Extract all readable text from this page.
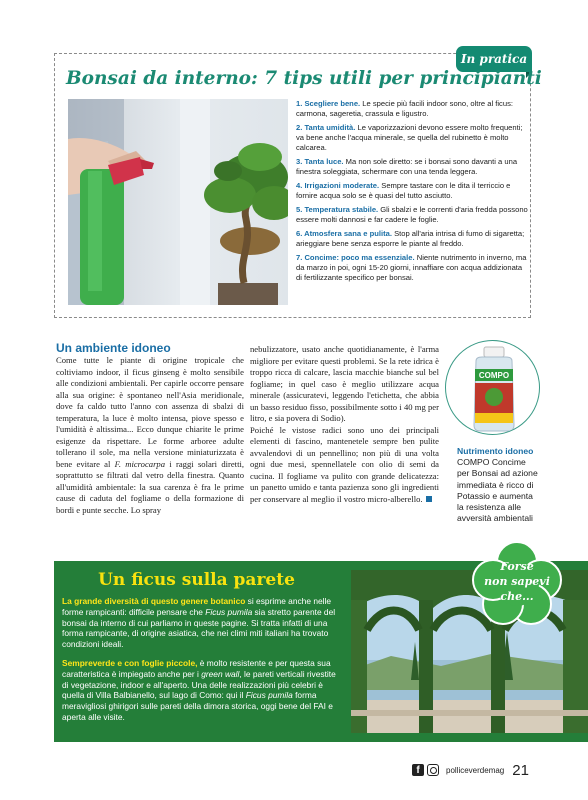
In pratica
Bonsai da interno: 7 tips utili per principianti

1. Scegliere bene. Le specie più facili indoor sono, oltre al ficus: carmona, sageretia, crassula e ligustro.

2. Tanta umidità. Le vaporizzazioni devono essere molto frequenti; va bene anche l'acqua minerale, se quella del rubinetto è molto calcarea.

3. Tanta luce. Ma non sole diretto: se i bonsai sono davanti a una finestra soleggiata, schermare con una tenda leggera.

4. Irrigazioni moderate. Sempre tastare con le dita il terriccio e fornire acqua solo se è quasi del tutto asciutto.

5. Temperatura stabile. Gli sbalzi e le correnti d'aria fredda possono essere molti dannosi e far cadere le foglie.

6. Atmosfera sana e pulita. Stop all'aria intrisa di fumo di sigaretta; arieggiare bene senza esporre le piante al freddo.

7. Concime: poco ma essenziale. Niente nutrimento in inverno, ma da marzo in poi, ogni 15-20 giorni, innaffiare con acqua addizionata di fertilizzante specifico per bonsai.

Un ambiente idoneo
Come tutte le piante di origine tropicale che coltiviamo indoor, il ficus ginseng è molto sensibile alle condizioni ambientali. Per capirle occorre pensare alla sua origine: è spontaneo nell'Asia meridionale, dove fa caldo tutto l'anno con assenza di sbalzi di temperatura, la luce è molto intensa, piove spesso e l'umidità è altissima... Ecco dunque chiarite le prime esigenze da rispettare. Le forme arboree adulte tollerano il sole, ma nella versione miniaturizzata è bene evitare al F. microcarpa i raggi solari diretti, soprattutto se filtrati dal vetro della finestra. Quanto all'umidità ambientale: la sua carenza è fra le prime cause di caduta del fogliame o della formazione di bordi e punte secche. Lo spray
nebulizzatore, usato anche quotidianamente, è l'arma migliore per evitare questi problemi. Se la rete idrica è troppo ricca di calcare, lascia macchie bianche sul bel fogliame; in quel caso è meglio utilizzare acqua minerale (assicuratevi, leggendo l'etichetta, che abbia un basso residuo fisso, possibilmente sotto i 40 mg per litro, e sia povera di Sodio).
Poiché le vistose radici sono uno dei principali elementi di fascino, mantenetele sempre ben pulite avvalendovi di un pennellino; non più di una volta ogni due mesi, spennellatele con olio di semi da cucina. Il fogliame va pulito con grande delicatezza: un panetto umido e tanta pazienza sono gli ingredienti per conservare al meglio il vostro micro-alberello.
COMPO
Nutrimento idoneo
COMPO Concime per Bonsai ad azione immediata è ricco di Potassio e aumenta la resistenza alle avversità ambientali
Un ficus sulla parete

La grande diversità di questo genere botanico si esprime anche nelle forme rampicanti: difficile pensare che Ficus pumila sia stretto parente del bonsai da interno di cui parliamo in queste pagine. Si tratta infatti di una forma rampicante, di origine asiatica, che nei climi miti italiani ha trovato condizioni ideali.

Sempreverde e con foglie piccole, è molto resistente e per questa sua caratteristica è impiegato anche per i green wall, le pareti verticali rivestite di vegetazione, indoor e all'aperto. Una delle realizzazioni più celebri è quella di Villa Balbianello, sul lago di Como: qui il Ficus pumila forma meravigliosi ghirigori sulle pareti della dimora storica, oggi bene del FAI e aperta alle visite.

Forse
non sapevi
che...
f	polliceverdemag 21
